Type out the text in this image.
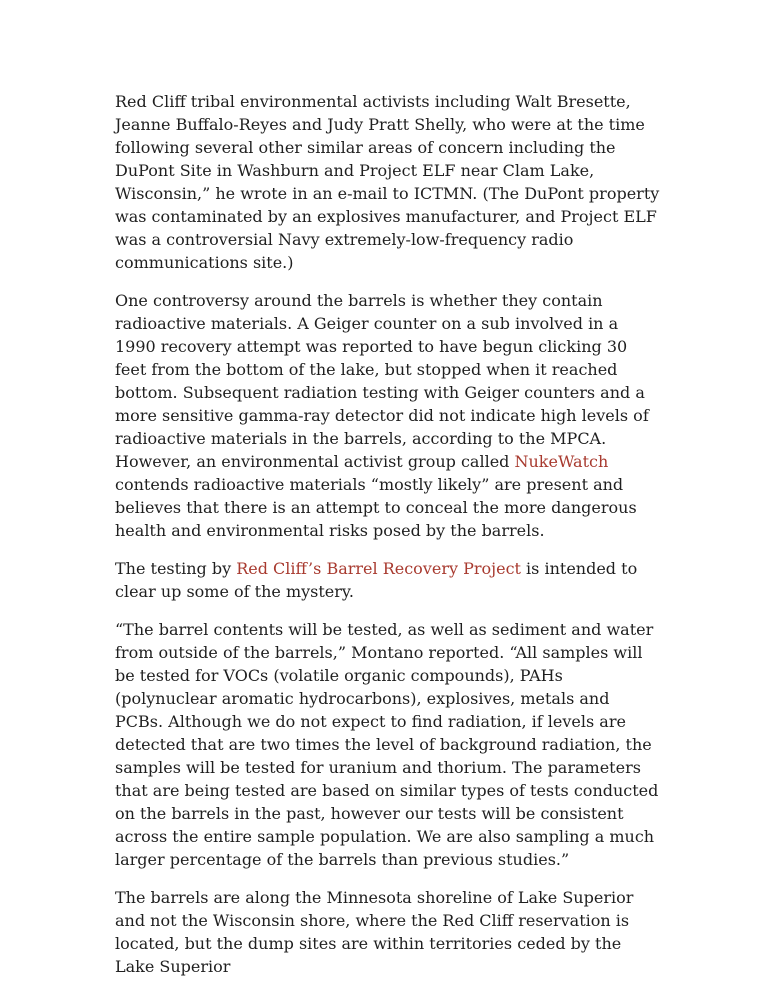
Red Cliff tribal environmental activists including Walt Bresette, Jeanne Buffalo-Reyes and Judy Pratt Shelly, who were at the time following several other similar areas of concern including the DuPont Site in Washburn and Project ELF near Clam Lake, Wisconsin,” he wrote in an e-mail to ICTMN. (The DuPont property was contaminated by an explosives manufacturer, and Project ELF was a controversial Navy extremely-low-frequency radio communications site.)

One controversy around the barrels is whether they contain radioactive materials. A Geiger counter on a sub involved in a 1990 recovery attempt was reported to have begun clicking 30 feet from the bottom of the lake, but stopped when it reached bottom. Subsequent radiation testing with Geiger counters and a more sensitive gamma-ray detector did not indicate high levels of radioactive materials in the barrels, according to the MPCA. However, an environmental activist group called NukeWatch contends radioactive materials “mostly likely” are present and believes that there is an attempt to conceal the more dangerous health and environmental risks posed by the barrels.

The testing by Red Cliff’s Barrel Recovery Project is intended to clear up some of the mystery.

“The barrel contents will be tested, as well as sediment and water from outside of the barrels,” Montano reported. “All samples will be tested for VOCs (volatile organic compounds), PAHs (polynuclear aromatic hydrocarbons), explosives, metals and PCBs. Although we do not expect to find radiation, if levels are detected that are two times the level of background radiation, the samples will be tested for uranium and thorium. The parameters that are being tested are based on similar types of tests conducted on the barrels in the past, however our tests will be consistent across the entire sample population. We are also sampling a much larger percentage of the barrels than previous studies.”

The barrels are along the Minnesota shoreline of Lake Superior and not the Wisconsin shore, where the Red Cliff reservation is located, but the dump sites are within territories ceded by the Lake Superior
